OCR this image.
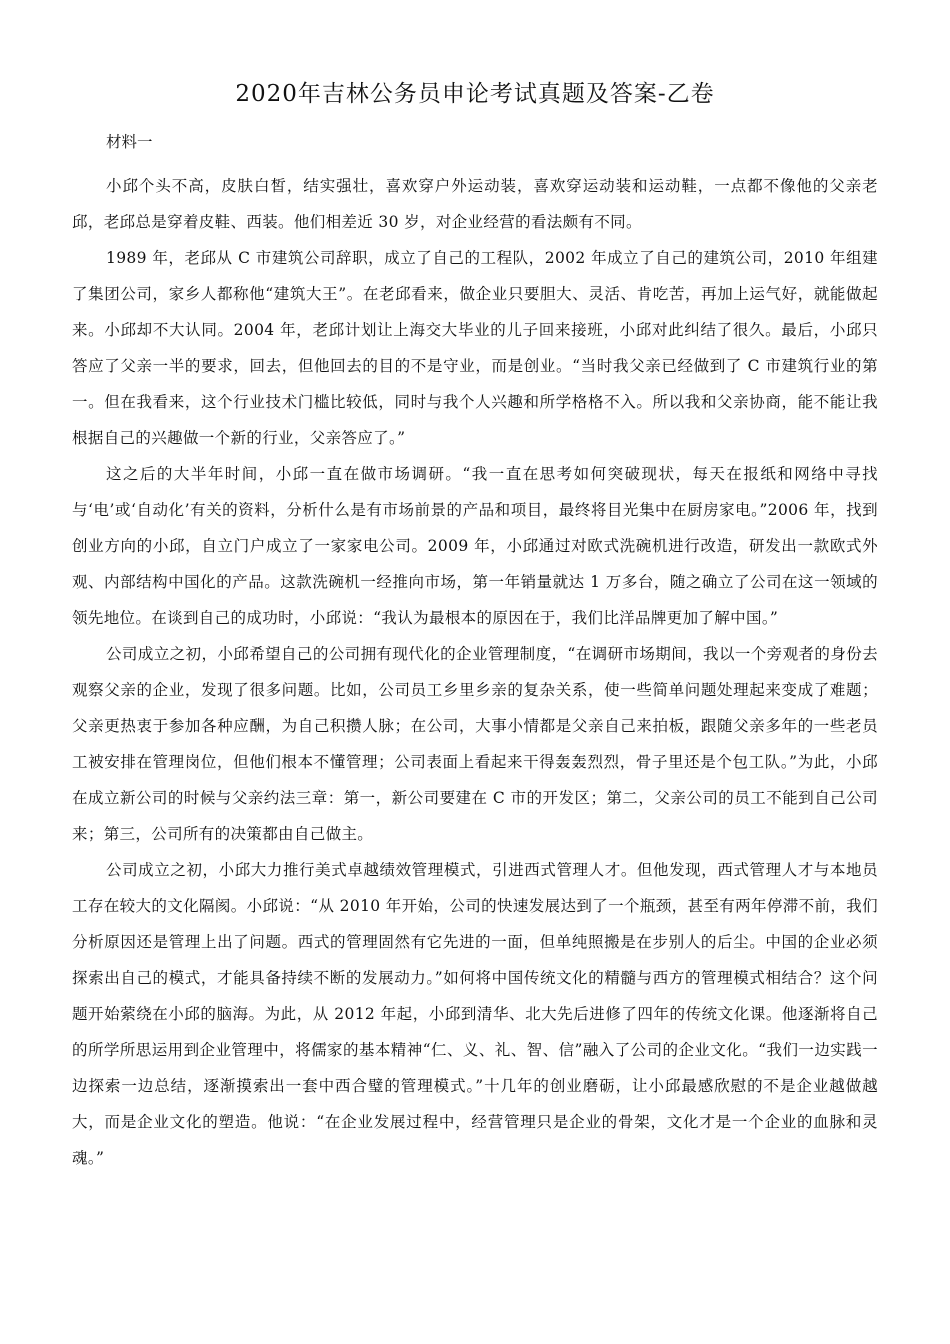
2020年吉林公务员申论考试真题及答案-乙卷

材料一

小邱个头不高，皮肤白皙，结实强壮，喜欢穿户外运动装，喜欢穿运动装和运动鞋，一点都不像他的父亲老邱，老邱总是穿着皮鞋、西装。他们相差近 30 岁，对企业经营的看法颇有不同。

1989 年，老邱从 C 市建筑公司辞职，成立了自己的工程队，2002 年成立了自己的建筑公司，2010 年组建了集团公司，家乡人都称他“建筑大王”。在老邱看来，做企业只要胆大、灵活、肯吃苦，再加上运气好，就能做起来。小邱却不大认同。2004 年，老邱计划让上海交大毕业的儿子回来接班，小邱对此纠结了很久。最后，小邱只答应了父亲一半的要求，回去，但他回去的目的不是守业，而是创业。“当时我父亲已经做到了 C 市建筑行业的第一。但在我看来，这个行业技术门槛比较低，同时与我个人兴趣和所学格格不入。所以我和父亲协商，能不能让我根据自己的兴趣做一个新的行业，父亲答应了。”

这之后的大半年时间，小邱一直在做市场调研。“我一直在思考如何突破现状，每天在报纸和网络中寻找与‘电’或‘自动化’有关的资料，分析什么是有市场前景的产品和项目，最终将目光集中在厨房家电。”2006 年，找到创业方向的小邱，自立门户成立了一家家电公司。2009 年，小邱通过对欧式洗碗机进行改造，研发出一款欧式外观、内部结构中国化的产品。这款洗碗机一经推向市场，第一年销量就达 1 万多台，随之确立了公司在这一领域的领先地位。在谈到自己的成功时，小邱说：“我认为最根本的原因在于，我们比洋品牌更加了解中国。”

公司成立之初，小邱希望自己的公司拥有现代化的企业管理制度，“在调研市场期间，我以一个旁观者的身份去观察父亲的企业，发现了很多问题。比如，公司员工乡里乡亲的复杂关系，使一些简单问题处理起来变成了难题；父亲更热衷于参加各种应酬，为自己积攒人脉；在公司，大事小情都是父亲自己来拍板，跟随父亲多年的一些老员工被安排在管理岗位，但他们根本不懂管理；公司表面上看起来干得轰轰烈烈，骨子里还是个包工队。”为此，小邱在成立新公司的时候与父亲约法三章：第一，新公司要建在 C 市的开发区；第二，父亲公司的员工不能到自己公司来；第三，公司所有的决策都由自己做主。

公司成立之初，小邱大力推行美式卓越绩效管理模式，引进西式管理人才。但他发现，西式管理人才与本地员工存在较大的文化隔阂。小邱说：“从 2010 年开始，公司的快速发展达到了一个瓶颈，甚至有两年停滞不前，我们分析原因还是管理上出了问题。西式的管理固然有它先进的一面，但单纯照搬是在步别人的后尘。中国的企业必须探索出自己的模式，才能具备持续不断的发展动力。”如何将中国传统文化的精髓与西方的管理模式相结合？这个问题开始萦绕在小邱的脑海。为此，从 2012 年起，小邱到清华、北大先后进修了四年的传统文化课。他逐渐将自己的所学所思运用到企业管理中，将儒家的基本精神“仁、义、礼、智、信”融入了公司的企业文化。“我们一边实践一边探索一边总结，逐渐摸索出一套中西合璧的管理模式。”十几年的创业磨砺，让小邱最感欣慰的不是企业越做越大，而是企业文化的塑造。他说：“在企业发展过程中，经营管理只是企业的骨架，文化才是一个企业的血脉和灵魂。”
